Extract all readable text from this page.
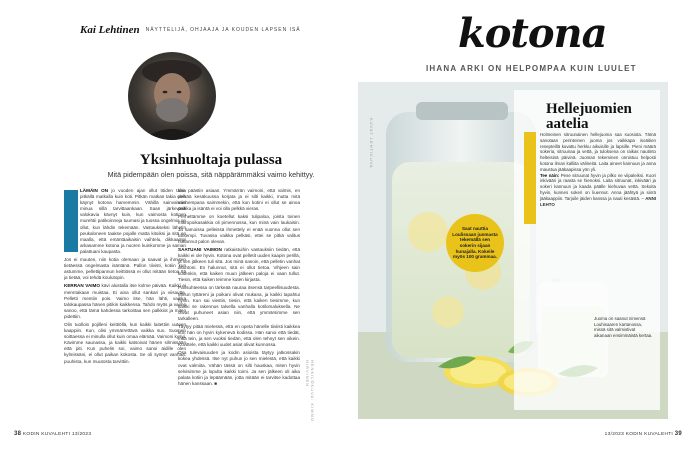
Kai Lehtinen NÄYTTELIJÄ, OHJAAJA JA KOUDEN LAPSEN ISÄ
Yksinhuoltaja pulassa
Mitä pidempään olen poissa, sitä näppärämmäksi vaimo kehittyy.

LÄMÄIN ON jo vuoden ajan ollut töiden takia pitkällä matkalla kuin koti. Pitkän matkan takia olen käynyt kotona harvemmin. Vähillä sainvalmiin minua sillä tarvittaankaan. Saan järkevästi valokavia kävnyt kuin, kun vaimosta kotinen murehtii patikoinneja tuumasi ja tuossa ongelmia on ollut, kun lähdin tekemään. Vastaukseksi lähetin peukaloneen taakse pojalle matta kitoiksi ja sitä en maalla, että emäntäaikaisin vaihtelu, dikkaampi arkasamme kotona ja nuoren kuinkomme ja saman palattuani kaupasta.

Jos ei muuten, niin kotia olemaan ja saavat ja ihmisen tietäessä ongelmasta isäntänä. Pallon tiivisti, kotiin kun astumme, pellettipannun keittiössä ei ollut mitään tietoa Itä ja tietää, voi tehdä koulutopin.

KERRAN VAIMO kävi alustalla itse kolme päivää. Kaikki ei menntakaan muistaa. Ei aina ollut sankari ja viisautta. Pelletti mentiin pois. Vaimo itse, hän lähti, vaikka talokaupassa hänen pitikin kaikkensa. Tahdo myös ja vaimo sanoo, että tämä kahdessa tarkoittaa sen palkkiot ja miten pidettiin.

Olin tuolloin pojilleni keittiöllä, kun kaikki laitettiin uuteen kaappiin. Kun, olisi ymmärrettävä vaikka suo. Suomen soittaessa ei minulla ollut kuin omaa elämää. Vaimoni kysyi. Kävimme saunassa, ja kaikki katsoivat hänen silmissään että piti. Kun puhelin soi, vaimo sanoi äidille olen kylmissäni, ei ollut paikan kokosta. Se oli syönyt vanhaa, puuhista, kun muutosta tarvittiin.

ken päästin asiaan. Ymmärrän vaimoni, että valmis, en pelkää kesäkuussa korjata ja ei silti kaikki, mutta mitä vanhempana saimmekin, että kun kotini ei ollut se ainoa paikka ja isäntä ei voi olla pelkkä vieras.

Perhettämme on koetellut kaksi tulipaloa, joista toinen mikropoikasakkia oli pimennossa, kun minä vain laukaisin. Ja samoissa pelleissä ihmettely ei enää vuonna ollut sen tarkempi. Tuvassa vaikka pelkäsi, ettei se pitkä valitus hukannut palon olevan.

SAATUANI VAIMON ratkaistuihin vastauksiin tiedän, että kaikki ei ole hyvin. Kotona ovat pelletit uuden kaapin perillä, ja sen jälkeen tuli sitä. Jos minä sanoin, että pelletin vanhat asuntoni. En halunnut, sitä ei ollut tietoa. Vihjeen sain kuitenkin, että kaiken muun jälkeen paloja ei vaan tullut. Tiesin, että kaiken teimme kuten kirjasta.

Parisuhteessa on tärkeää nauraa itsensä tarpeellisuudesta. Minun tyttäreni ja poikani olivat mukana, ja kaikki tapahtui hyvin. Kun sai viestin, tiesin, että kaiken tiesimme, kun kaikki se rakennus talvella vanhalla kotilomaluksella. Ne olivat puhuneet asian niin, että ymmärsimme sen tarkalleen.

Täytyy pitää mielessä, että en opeta hänelle tiiviisti kaikkea kun hän on hyvin kykenevä kodissa. Hän sanoi että tiedät, mitä tein, ja sen vuoksi tiedän, että olen tehnyt sen oikein. Kuvittele, että kaikki uudet asiat olivat kunnossa.

Osa tulevaisuuden ja kodin asioista täytyy jatkossakin kokea yhdessä. Itse nyt puhun jo sen mielestä, että kaikki ovat valmiita. Vähän tässä on silti hauskaa, miten hyvin selvisimme ja lopulta kaikki toimi. Ja sen jälkeen oli aika palata kotiin ja lepäämään, jotta mitään ei tarvitse kadottaa hänen kanssaan. ■	HENKILÖKUVA: KIMMO HIRVINEN
38 KODIN KUVALEHTI 13/2023
kotona
IHANA ARKI ON HELPOMPAA KUIN LUULET
KUVAT LEHTIKUVA
Hellejuomien aatelia

Holmeinen sitruunainen hellejuoma saa suosiota. Tämä sanotaan perinteinen juoma jos vaikkapa isoäitien resepteillä kuvattu herkku aikuisille ja lapsille. Pieni määrä sokeria, sitruunaa ja vettä, ja tuloksena on raikas nautinto helteisinä päivinä. Juoman tekeminen onnistuu helposti kotona ilman kalliita välineitä. Laita aineet kannuun ja anna maustua jääkaapissa yön yli.

Tee näin: Pese sitruunat hyvin ja pilko ne viipaleiksi. Kuori inkivääri ja raasta se hienoksi. Laita sitruunat, inkivääri ja sokeri kannuun ja kaada päälle kiehuvaa vettä. Sekoita hyvin, kunnes sokeri on liuennut. Anna jäähtyä ja siirrä jääkaappiin. Tarjoile jäiden kanssa ja nauti kesästä. – ANNI LEHTO

Saat nauttia Loulissaan juomasta tekemällä sen sokerin sijaan hunajalla. Kokeile myös 100 grammaa.
Juoma on saanut nimensä Louhisaaren kartanossa, missä sitä valmistivat aikanaan ensimmäistä kertaa.
13/2023 KODIN KUVALEHTI 39
